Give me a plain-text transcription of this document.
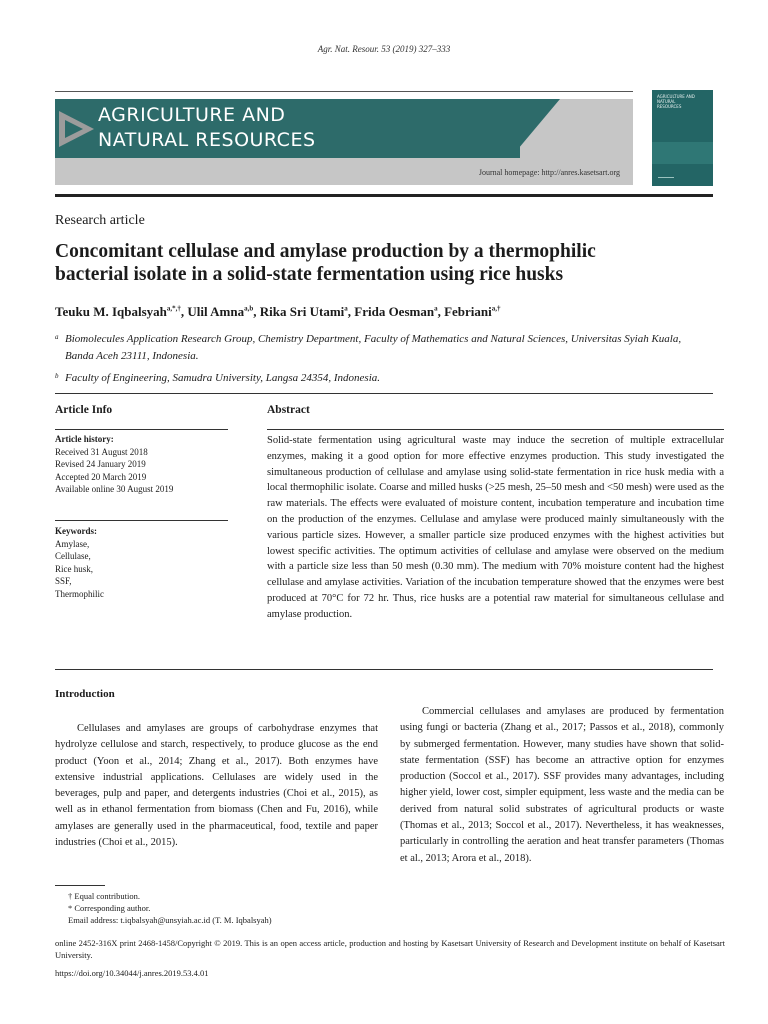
Agr. Nat. Resour. 53 (2019) 327–333
AGRICULTURE AND
NATURAL RESOURCES
Journal homepage: http://anres.kasetsart.org
AGRICULTURE AND NATURAL RESOURCES
Research article
Concomitant cellulase and amylase production by a thermophilic
bacterial isolate in a solid-state fermentation using rice husks
Teuku M. Iqbalsyah$^{a,*,\dagger}$, Ulil Amna$^{a,b}$, Rika Sri Utami$^a$, Frida Oesman$^a$, Febriani$^{a,\dagger}$
a Biomolecules Application Research Group, Chemistry Department, Faculty of Mathematics and Natural Sciences, Universitas Syiah Kuala,
Banda Aceh 23111, Indonesia.
b Faculty of Engineering, Samudra University, Langsa 24354, Indonesia.
Article Info
Article history:
Received 31 August 2018
Revised 24 January 2019
Accepted 20 March 2019
Available online 30 August 2019
Keywords:
Amylase,
Cellulase,
Rice husk,
SSF,
Thermophilic
Abstract
Solid-state fermentation using agricultural waste may induce the secretion of multiple extracellular enzymes, making it a good option for more effective enzymes production. This study investigated the simultaneous production of cellulase and amylase using solid-state fermentation in rice husk media with a local thermophilic isolate. Coarse and milled husks (>25 mesh, 25–50 mesh and <50 mesh) were used as the raw materials. The effects were evaluated of moisture content, incubation temperature and incubation time on the production of the enzymes. Cellulase and amylase were produced mainly simultaneously with the various particle sizes. However, a smaller particle size produced enzymes with the highest activities but lowest specific activities. The optimum activities of cellulase and amylase were observed on the medium with a particle size less than 50 mesh (0.30 mm). The medium with 70% moisture content had the highest cellulase and amylase activities. Variation of the incubation temperature showed that the enzymes were best produced at 70°C for 72 hr. Thus, rice husks are a potential raw material for simultaneous cellulase and amylase production.
Introduction
Cellulases and amylases are groups of carbohydrase enzymes that hydrolyze cellulose and starch, respectively, to produce glucose as the end product (Yoon et al., 2014; Zhang et al., 2017). Both enzymes have extensive industrial applications. Cellulases are widely used in the beverages, pulp and paper, and detergents industries (Choi et al., 2015), as well as in ethanol fermentation from biomass (Chen and Fu, 2016), while amylases are generally used in the pharmaceutical, food, textile and paper industries (Choi et al., 2015).
Commercial cellulases and amylases are produced by fermentation using fungi or bacteria (Zhang et al., 2017; Passos et al., 2018), commonly by submerged fermentation. However, many studies have shown that solid-state fermentation (SSF) has become an attractive option for enzymes production (Soccol et al., 2017). SSF provides many advantages, including higher yield, lower cost, simpler equipment, less waste and the media can be derived from natural solid substrates of agricultural products or waste (Thomas et al., 2013; Soccol et al., 2017). Nevertheless, it has weaknesses, particularly in controlling the aeration and heat transfer parameters (Thomas et al., 2013; Arora et al., 2018).
† Equal contribution.
* Corresponding author.
Email address: t.iqbalsyah@unsyiah.ac.id (T. M. Iqbalsyah)
online 2452-316X print 2468-1458/Copyright © 2019. This is an open access article, production and hosting by Kasetsart University of Research and Development institute on behalf of Kasetsart University.
https://doi.org/10.34044/j.anres.2019.53.4.01
